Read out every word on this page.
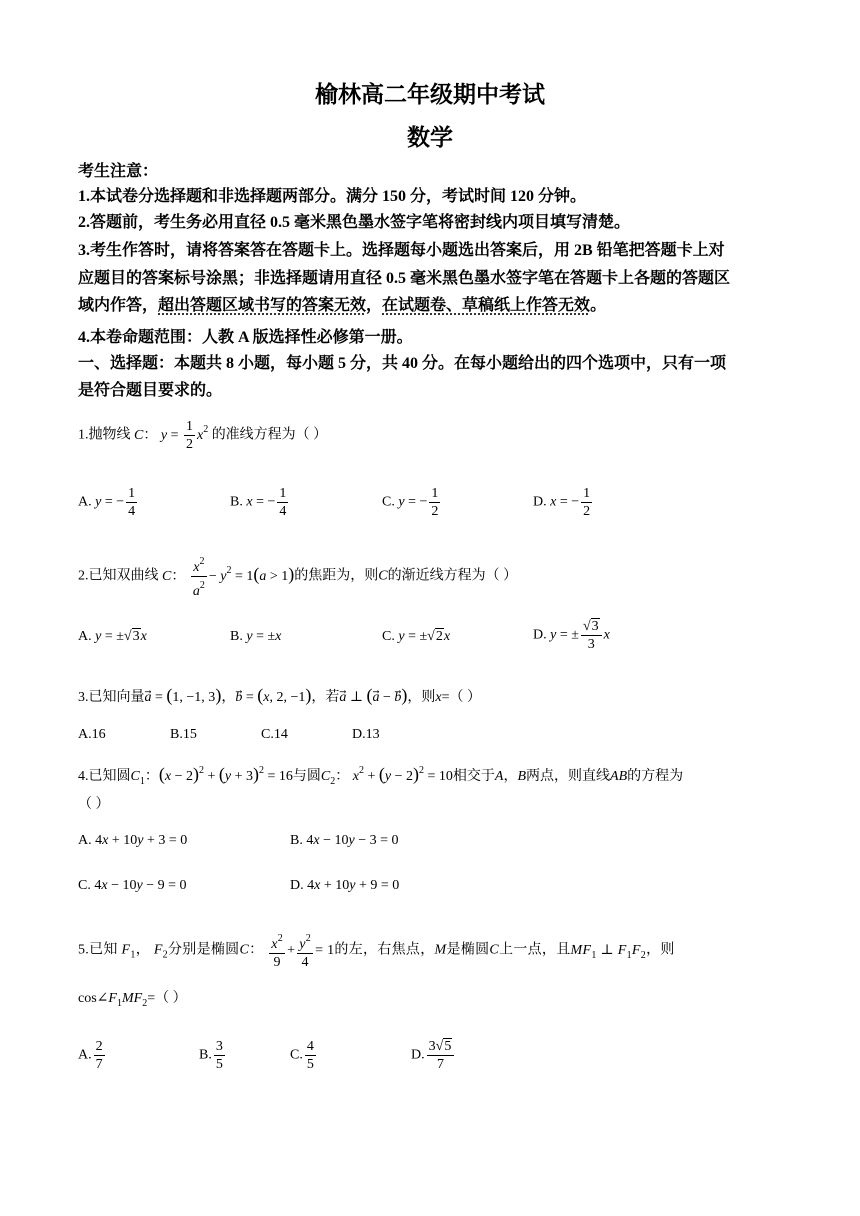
榆林高二年级期中考试
数学
考生注意：
1.本试卷分选择题和非选择题两部分。满分 150 分，考试时间 120 分钟。
2.答题前，考生务必用直径 0.5 毫米黑色墨水签字笔将密封线内项目填写清楚。
3.考生作答时，请将答案答在答题卡上。选择题每小题选出答案后，用 2B 铅笔把答题卡上对
应题目的答案标号涂黑；非选择题请用直径 0.5 毫米黑色墨水签字笔在答题卡上各题的答题区
域内作答，超出答题区域书写的答案无效，在试题卷、草稿纸上作答无效。
4.本卷命题范围：人教 A 版选择性必修第一册。
一、选择题：本题共 8 小题，每小题 5 分，共 40 分。在每小题给出的四个选项中，只有一项
是符合题目要求的。
1.抛物线 C： $y = \frac{1}{2} x^2$ 的准线方程为（ ）
A. y = − $\frac{1}{4}$	B. x = − $\frac{1}{4}$	C. y = − $\frac{1}{2}$	D. x = − $\frac{1}{2}$
2.已知双曲线 C： $\frac{x^2}{a^2} - y^2 = 1(a > 1)$的焦距为，则C的渐近线方程为（ ）
A. y = ±√3x	B. y = ±x	C. y = ±√2x	D. y = ± $\frac{√3}{3}$ x
3.已知向量a⃗ = (1, −1, 3)，b⃗ = (x, 2, −1)，若a⃗ ⊥ (a⃗ − b)，则x=（ ）
A.16	B.15	C.14	D.13
4.已知圆$C_1$：$(x - 2)^2 + (y + 3)^2 = 16$与圆$C_2$： $x^2 + (y - 2)^2 = 10$相交于A，B两点，则直线AB的方程为
（ ）
A. 4x + 10y + 3 = 0	B. 4x − 10y − 3 = 0
C. 4x − 10y − 9 = 0	D. 4x + 10y + 9 = 0
5.已知 $F_1$， $F_2$分别是椭圆C： $\frac{x^2}{9} + \frac{y^2}{4} = 1$的左，右焦点，M是椭圆C上一点，且$MF_1$ ⊥ $F_1F_2$，则
$\cos\angle F_1MF_2=$（ ）
A. $\frac{2}{7}$	B. $\frac{3}{5}$	C. $\frac{4}{5}$	D. $\frac{3√5}{7}$
